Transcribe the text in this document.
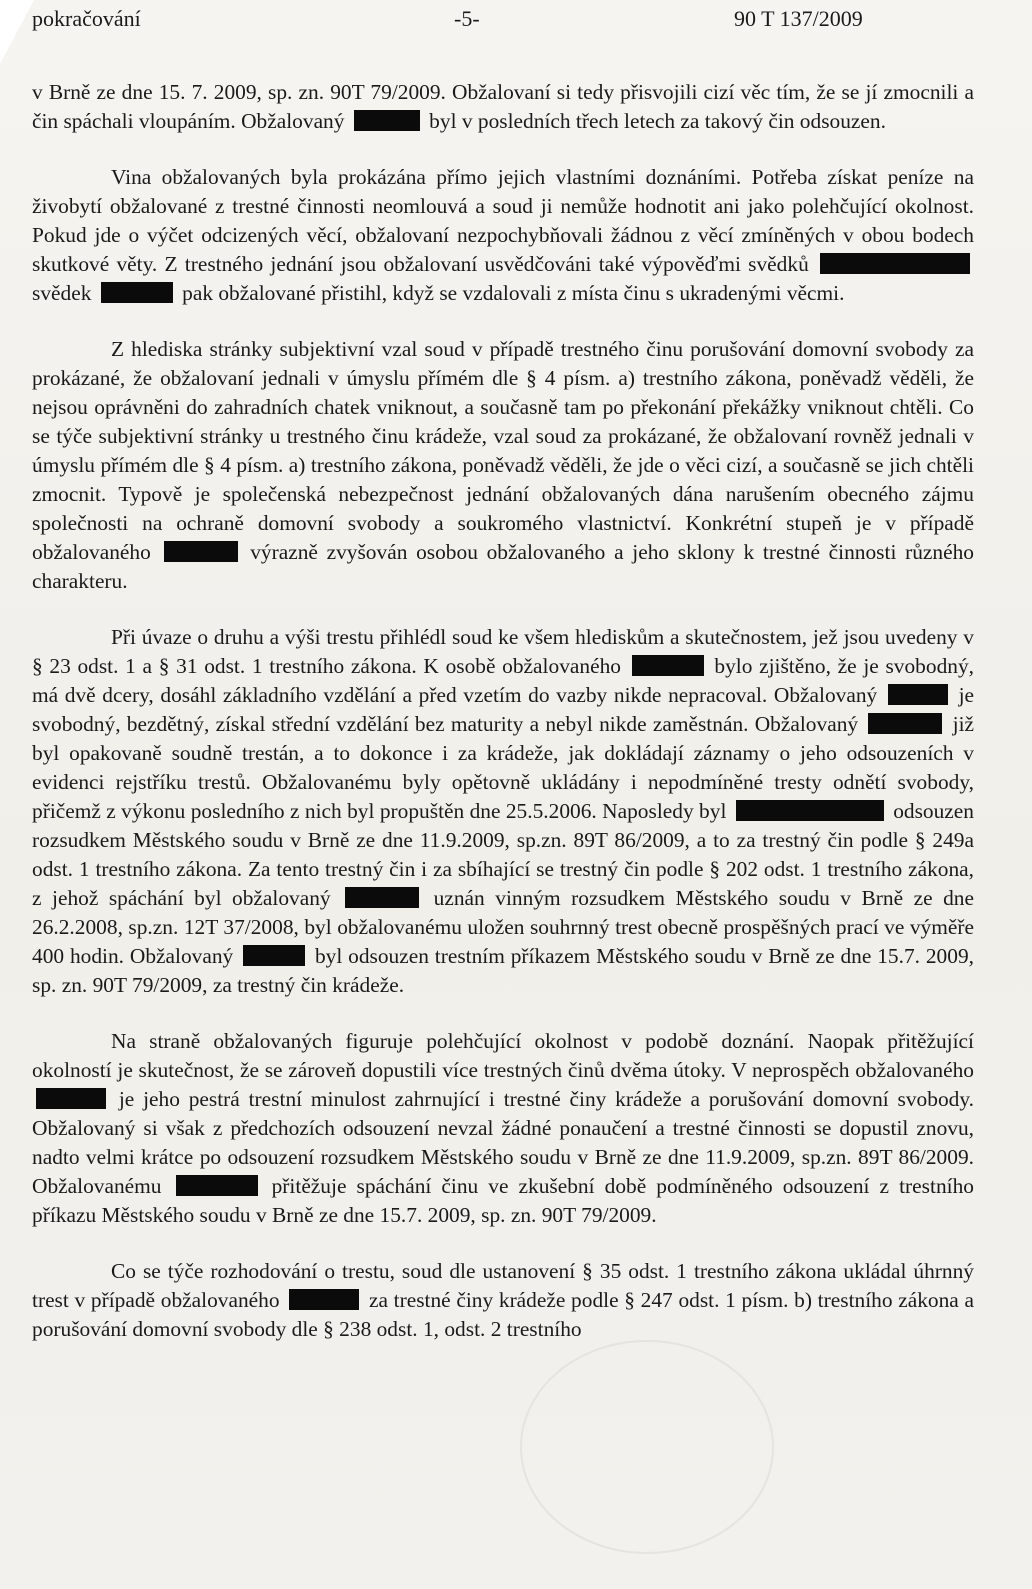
pokračování	-5-	90 T 137/2009

v Brně ze dne 15. 7. 2009, sp. zn. 90T 79/2009. Obžalovaní si tedy přisvojili cizí věc tím, že se jí zmocnili a čin spáchali vloupáním. Obžalovaný	byl v posledních třech letech za takový čin odsouzen.

Vina obžalovaných byla prokázána přímo jejich vlastními doznáními. Potřeba získat peníze na živobytí obžalované z trestné činnosti neomlouvá a soud ji nemůže hodnotit ani jako polehčující okolnost. Pokud jde o výčet odcizených věcí, obžalovaní nezpochybňovali žádnou z věcí zmíněných v obou bodech skutkové věty. Z trestného jednání jsou obžalovaní usvědčováni také výpověďmi svědků  svědek	pak obžalované přistihl, když se vzdalovali z místa činu s ukradenými věcmi.

Z hlediska stránky subjektivní vzal soud v případě trestného činu porušování domovní svobody za prokázané, že obžalovaní jednali v úmyslu přímém dle § 4 písm. a) trestního zákona, poněvadž věděli, že nejsou oprávněni do zahradních chatek vniknout, a současně tam po překonání překážky vniknout chtěli. Co se týče subjektivní stránky u trestného činu krádeže, vzal soud za prokázané, že obžalovaní rovněž jednali v úmyslu přímém dle § 4 písm. a) trestního zákona, poněvadž věděli, že jde o věci cizí, a současně se jich chtěli zmocnit. Typově je společenská nebezpečnost jednání obžalovaných dána narušením obecného zájmu společnosti na ochraně domovní svobody a soukromého vlastnictví. Konkrétní stupeň je v případě obžalovaného	výrazně zvyšován osobou obžalovaného a jeho sklony k trestné činnosti různého charakteru.

Při úvaze o druhu a výši trestu přihlédl soud ke všem hlediskům a skutečnostem, jež jsou uvedeny v § 23 odst. 1 a § 31 odst. 1 trestního zákona. K osobě obžalovaného	bylo zjištěno, že je svobodný, má dvě dcery, dosáhl základního vzdělání a před vzetím do vazby nikde nepracoval. Obžalovaný	je svobodný, bezdětný, získal střední vzdělání bez maturity a nebyl nikde zaměstnán. Obžalovaný	již byl opakovaně soudně trestán, a to dokonce i za krádeže, jak dokládají záznamy o jeho odsouzeních v evidenci rejstříku trestů. Obžalovanému byly opětovně ukládány i nepodmíněné tresty odnětí svobody, přičemž z výkonu posledního z nich byl propuštěn dne 25.5.2006. Naposledy byl	odsouzen rozsudkem Městského soudu v Brně ze dne 11.9.2009, sp.zn. 89T 86/2009, a to za trestný čin podle § 249a odst. 1 trestního zákona. Za tento trestný čin i za sbíhající se trestný čin podle § 202 odst. 1 trestního zákona, z jehož spáchání byl obžalovaný	uznán vinným rozsudkem Městského soudu v Brně ze dne 26.2.2008, sp.zn. 12T 37/2008, byl obžalovanému uložen souhrnný trest obecně prospěšných prací ve výměře 400 hodin. Obžalovaný	byl odsouzen trestním příkazem Městského soudu v Brně ze dne 15.7. 2009, sp. zn. 90T 79/2009, za trestný čin krádeže.

Na straně obžalovaných figuruje polehčující okolnost v podobě doznání. Naopak přitěžující okolností je skutečnost, že se zároveň dopustili více trestných činů dvěma útoky. V neprospěch obžalovaného  je jeho pestrá trestní minulost zahrnující i trestné činy krádeže a porušování domovní svobody. Obžalovaný si však z předchozích odsouzení nevzal žádné ponaučení a trestné činnosti se dopustil znovu, nadto velmi krátce po odsouzení rozsudkem Městského soudu v Brně ze dne 11.9.2009, sp.zn. 89T 86/2009. Obžalovanému	přitěžuje spáchání činu ve zkušební době podmíněného odsouzení z trestního příkazu Městského soudu v Brně ze dne 15.7. 2009, sp. zn. 90T 79/2009.

Co se týče rozhodování o trestu, soud dle ustanovení § 35 odst. 1 trestního zákona ukládal úhrnný trest v případě obžalovaného	za trestné činy krádeže podle § 247 odst. 1 písm. b) trestního zákona a porušování domovní svobody dle § 238 odst. 1, odst. 2 trestního
